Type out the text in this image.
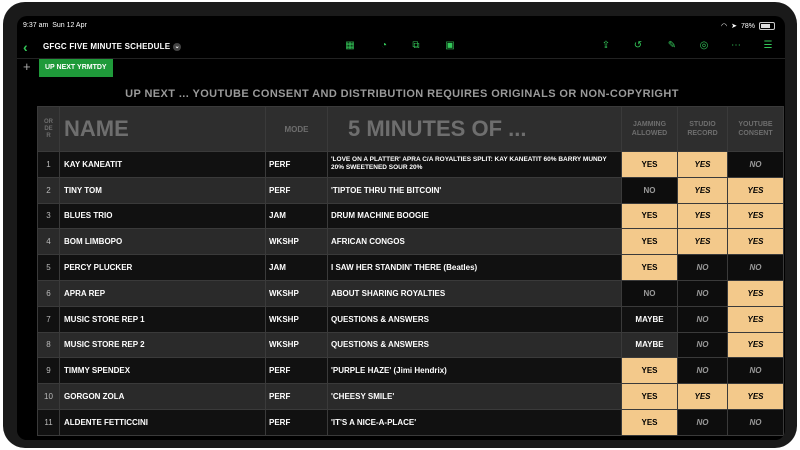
9:37 am Sun 12 Apr	◠ ➤ 78%
‹ GFGC FIVE MINUTE SCHEDULE ⌄	▦	◔	⧉	▣	⇪ ↺	✎ ◎ ⋯ ☰
+	UP NEXT YRMTDY
UP NEXT ... YOUTUBE CONSENT AND DISTRIBUTION REQUIRES ORIGINALS OR NON-COPYRIGHT
OR
DE
R	NAME	MODE	5 MINUTES OF ...	JAMMING ALLOWED	STUDIO RECORD	YOUTUBE CONSENT
1	KAY KANEATIT	PERF	'LOVE ON A PLATTER' APRA C/A ROYALTIES SPLIT: KAY KANEATIT 60% BARRY MUNDY 20% SWEETENED SOUR 20%	YES	YES	NO
2	TINY TOM	PERF	'TIPTOE THRU THE BITCOIN'	NO	YES	YES
3	BLUES TRIO	JAM	DRUM MACHINE BOOGIE	YES	YES	YES
4	BOM LIMBOPO	WKSHP	AFRICAN CONGOS	YES	YES	YES
5	PERCY PLUCKER	JAM	I SAW HER STANDIN' THERE (Beatles)	YES	NO	NO
6	APRA REP	WKSHP	ABOUT SHARING ROYALTIES	NO	NO	YES
7	MUSIC STORE REP 1	WKSHP	QUESTIONS & ANSWERS	MAYBE	NO	YES
8	MUSIC STORE REP 2	WKSHP	QUESTIONS & ANSWERS	MAYBE	NO	YES
9	TIMMY SPENDEX	PERF	'PURPLE HAZE' (Jimi Hendrix)	YES	NO	NO
10	GORGON ZOLA	PERF	'CHEESY SMILE'	YES	YES	YES
11	ALDENTE FETTICCINI	PERF	'IT'S A NICE-A-PLACE'	YES	NO	NO
